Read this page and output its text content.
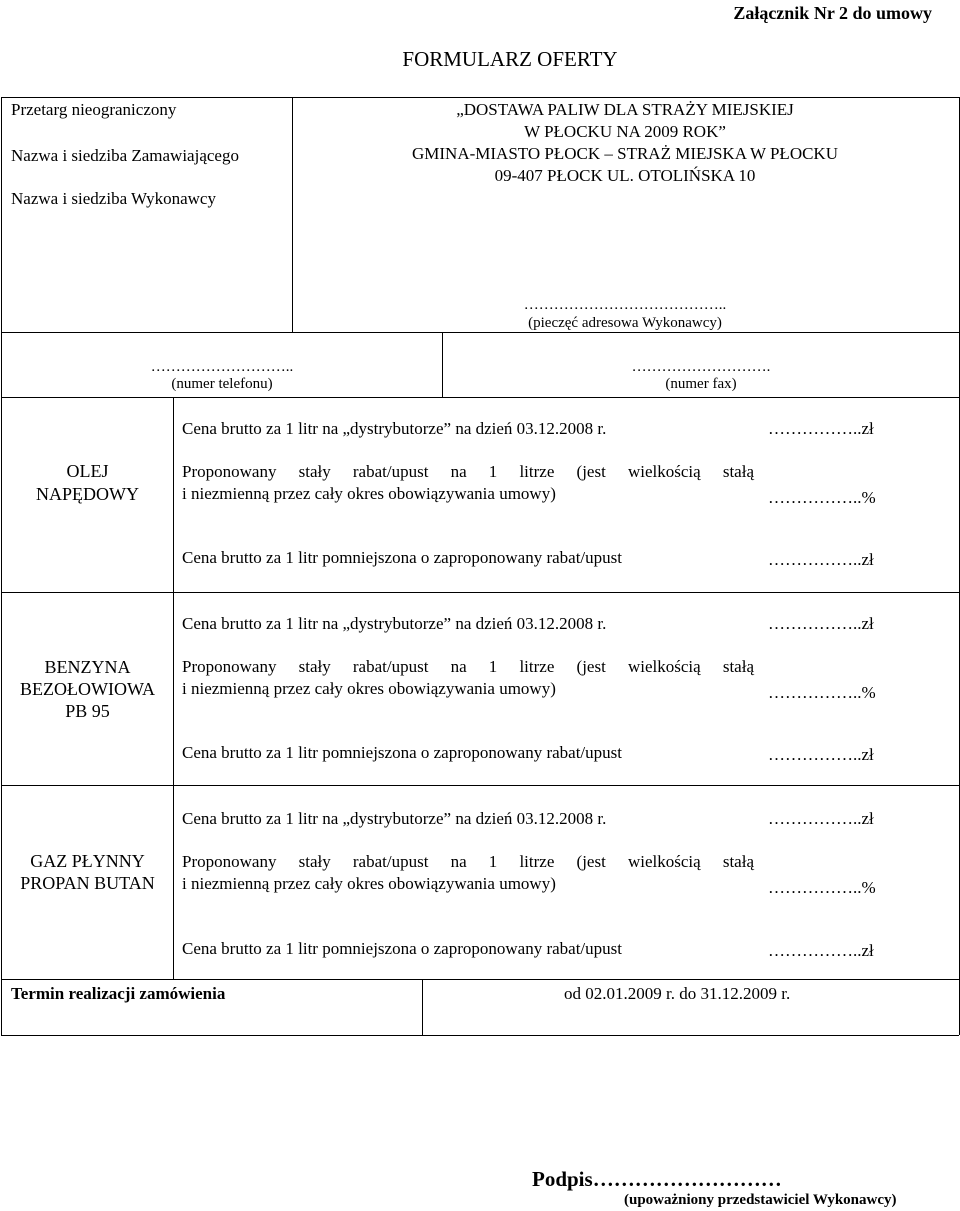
Załącznik Nr 2 do umowy
FORMULARZ OFERTY
Przetarg nieograniczony
Nazwa i siedziba Zamawiającego
Nazwa i siedziba Wykonawcy
„DOSTAWA PALIW DLA STRAŻY MIEJSKIEJ
W PŁOCKU NA 2009 ROK”
GMINA-MIASTO PŁOCK – STRAŻ MIEJSKA W PŁOCKU
09-407 PŁOCK UL. OTOLIŃSKA 10
…………………………………..
(pieczęć adresowa Wykonawcy)
………………………..
(numer telefonu)
……………………….
(numer fax)
OLEJ
NAPĘDOWY
Cena brutto za 1 litr na „dystrybutorze” na dzień 03.12.2008 r.	……………..zł
Proponowany stały rabat/upust na 1 litrze (jest wielkością stałą
i niezmienną przez cały okres obowiązywania umowy)	……………..%
Cena brutto za 1 litr pomniejszona o zaproponowany rabat/upust	……………..zł
BENZYNA
BEZOŁOWIOWA
PB 95
Cena brutto za 1 litr na „dystrybutorze” na dzień 03.12.2008 r.	……………..zł
Proponowany stały rabat/upust na 1 litrze (jest wielkością stałą
i niezmienną przez cały okres obowiązywania umowy)	……………..%
Cena brutto za 1 litr pomniejszona o zaproponowany rabat/upust	……………..zł
GAZ PŁYNNY
PROPAN BUTAN
Cena brutto za 1 litr na „dystrybutorze” na dzień 03.12.2008 r.	……………..zł
Proponowany stały rabat/upust na 1 litrze (jest wielkością stałą
i niezmienną przez cały okres obowiązywania umowy)	……………..%
Cena brutto za 1 litr pomniejszona o zaproponowany rabat/upust	……………..zł
Termin realizacji zamówienia	od 02.01.2009 r. do 31.12.2009 r.
Podpis………………………
(upoważniony przedstawiciel Wykonawcy)
